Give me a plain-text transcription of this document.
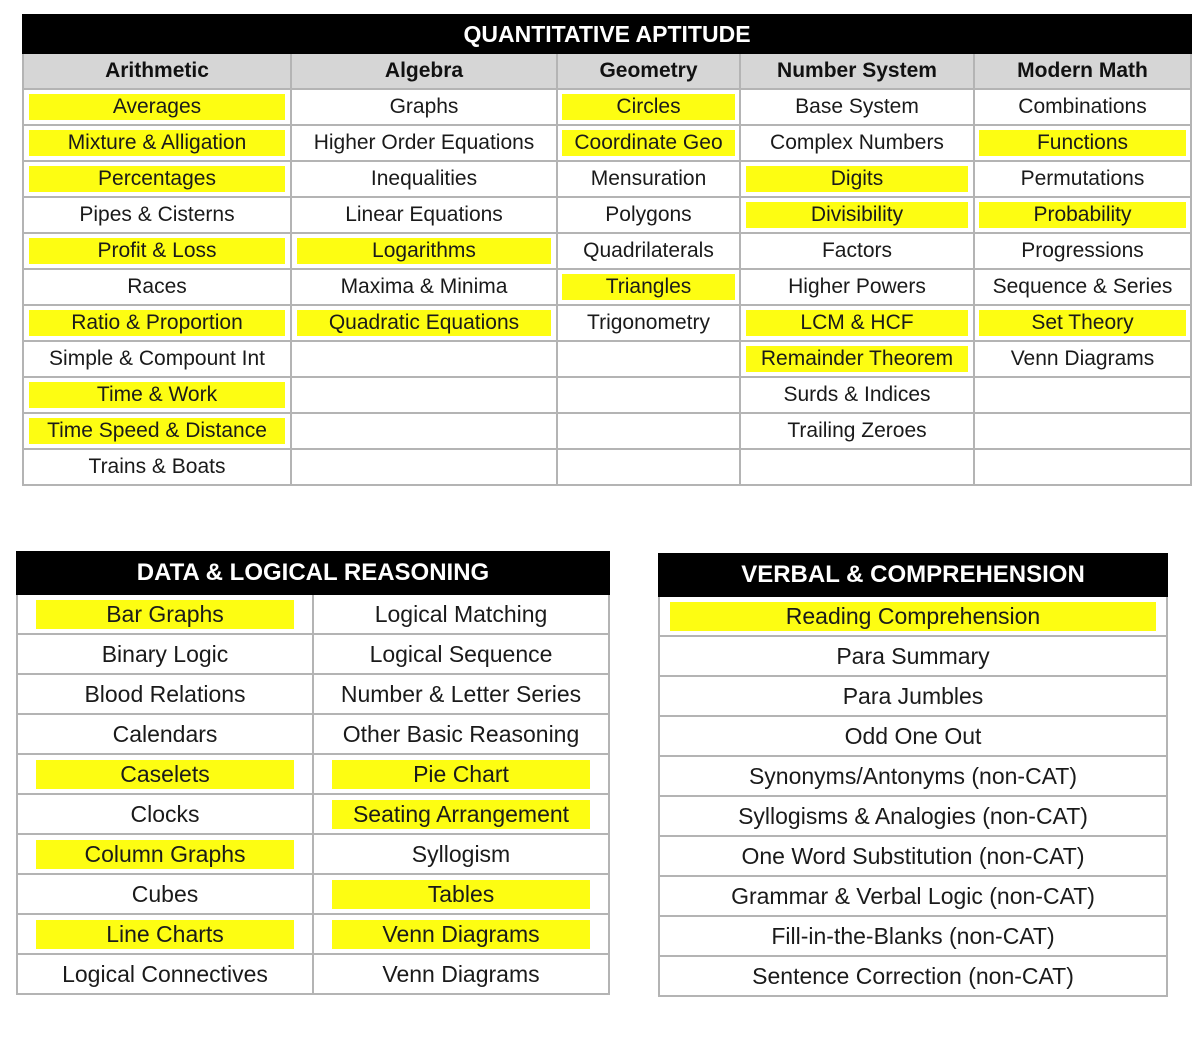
QUANTITATIVE APTITUDE				
Arithmetic	Algebra	Geometry	Number System	Modern Math
Averages	Graphs	Circles	Base System	Combinations
Mixture & Alligation	Higher Order Equations	Coordinate Geo	Complex Numbers	Functions
Percentages	Inequalities	Mensuration	Digits	Permutations
Pipes & Cisterns	Linear Equations	Polygons	Divisibility	Probability
Profit & Loss	Logarithms	Quadrilaterals	Factors	Progressions
Races	Maxima & Minima	Triangles	Higher Powers	Sequence & Series
Ratio & Proportion	Quadratic Equations	Trigonometry	LCM & HCF	Set Theory
Simple & Compount Int			Remainder Theorem	Venn Diagrams
Time & Work			Surds & Indices	
Time Speed & Distance			Trailing Zeroes	
Trains & Boats				
DATA & LOGICAL REASONING	
Bar Graphs	Logical Matching
Binary Logic	Logical Sequence
Blood Relations	Number & Letter Series
Calendars	Other Basic Reasoning
Caselets	Pie Chart
Clocks	Seating Arrangement
Column Graphs	Syllogism
Cubes	Tables
Line Charts	Venn Diagrams
Logical Connectives	Venn Diagrams
VERBAL & COMPREHENSION
Reading Comprehension
Para Summary
Para Jumbles
Odd One Out
Synonyms/Antonyms (non-CAT)
Syllogisms & Analogies (non-CAT)
One Word Substitution (non-CAT)
Grammar & Verbal Logic (non-CAT)
Fill-in-the-Blanks (non-CAT)
Sentence Correction (non-CAT)
